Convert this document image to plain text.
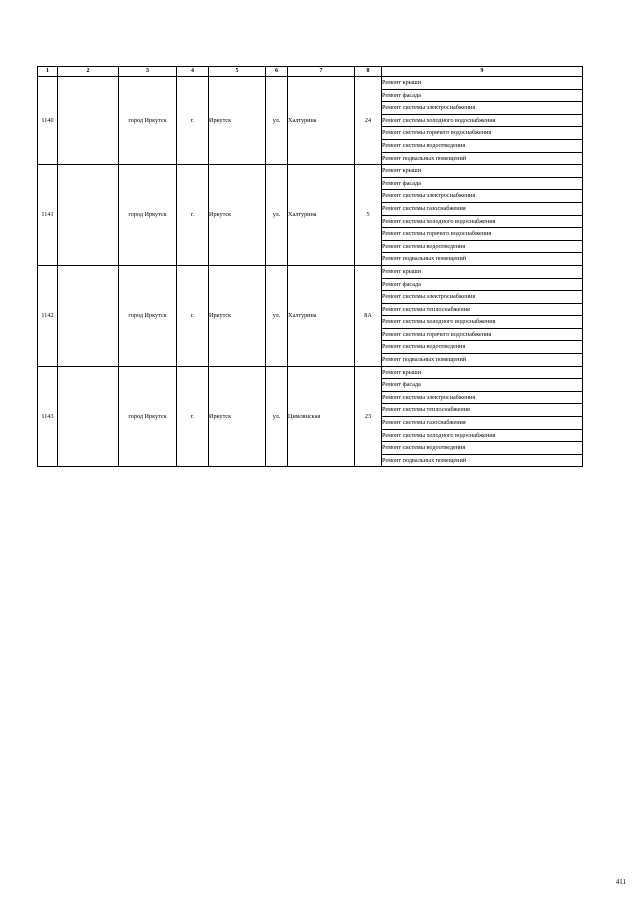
1	2	3	4	5	6	7	8	9
1140		город Иркутск	г.	Иркутск	ул.	Халтурина	24	Ремонт крыши
								Ремонт фасада
								Ремонт системы электроснабжения
								Ремонт системы холодного водоснабжения
								Ремонт системы горячего водоснабжения
								Ремонт системы водоотведения
								Ремонт подвальных помещений
1141		город Иркутск	г.	Иркутск	ул.	Халтурина	5	Ремонт крыши
								Ремонт фасада
								Ремонт системы электроснабжения
								Ремонт системы газоснабжения
								Ремонт системы холодного водоснабжения
								Ремонт системы горячего водоснабжения
								Ремонт системы водоотведения
								Ремонт подвальных помещений
1142		город Иркутск	г.	Иркутск	ул.	Халтурина	8А	Ремонт крыши
								Ремонт фасада
								Ремонт системы электроснабжения
								Ремонт системы теплоснабжения
								Ремонт системы холодного водоснабжения
								Ремонт системы горячего водоснабжения
								Ремонт системы водоотведения
								Ремонт подвальных помещений
1143		город Иркутск	г.	Иркутск	ул.	Цимлянская	23	Ремонт крыши
								Ремонт фасада
								Ремонт системы электроснабжения
								Ремонт системы теплоснабжения
								Ремонт системы газоснабжения
								Ремонт системы холодного водоснабжения
								Ремонт системы водоотведения
								Ремонт подвальных помещений
411
